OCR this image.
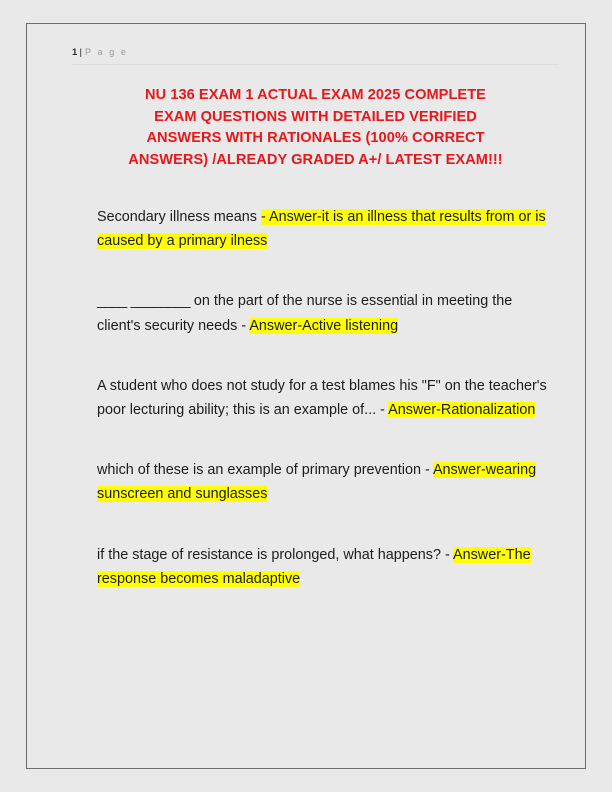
1 | P a g e
NU 136 EXAM 1 ACTUAL EXAM 2025 COMPLETE
EXAM QUESTIONS WITH DETAILED VERIFIED
ANSWERS WITH RATIONALES (100% CORRECT
ANSWERS) /ALREADY GRADED A+/ LATEST EXAM!!!

Secondary illness means - Answer-it is an illness that results from or is caused by a primary ilness

____ ________ on the part of the nurse is essential in meeting the client's security needs - Answer-Active listening

A student who does not study for a test blames his "F" on the teacher's poor lecturing ability; this is an example of... - Answer-Rationalization

which of these is an example of primary prevention - Answer-wearing sunscreen and sunglasses

if the stage of resistance is prolonged, what happens? - Answer-The response becomes maladaptive
